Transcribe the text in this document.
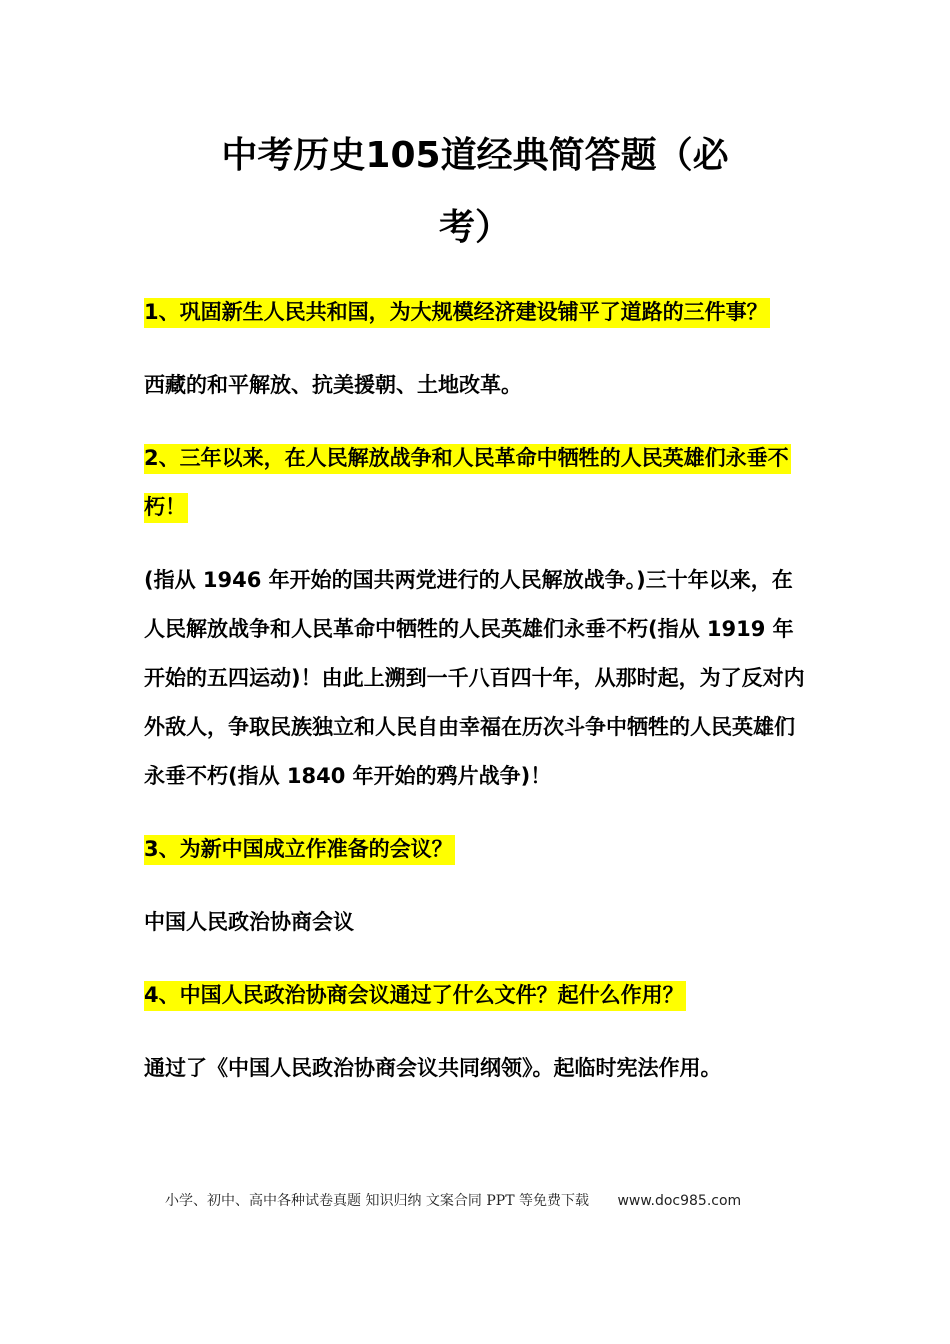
中考历史105道经典简答题（必
考）

1、巩固新生人民共和国，为大规模经济建设铺平了道路的三件事？

西藏的和平解放、抗美援朝、土地改革。

2、三年以来，在人民解放战争和人民革命中牺牲的人民英雄们永垂不朽！

(指从 1946 年开始的国共两党进行的人民解放战争。)三十年以来，在人民解放战争和人民革命中牺牲的人民英雄们永垂不朽(指从 1919 年开始的五四运动)！由此上溯到一千八百四十年，从那时起，为了反对内外敌人，争取民族独立和人民自由幸福在历次斗争中牺牲的人民英雄们永垂不朽(指从 1840 年开始的鸦片战争)！

3、为新中国成立作准备的会议？

中国人民政治协商会议

4、中国人民政治协商会议通过了什么文件？起什么作用？

通过了《中国人民政治协商会议共同纲领》。起临时宪法作用。

小学、初中、高中各种试卷真题 知识归纳 文案合同 PPT 等免费下载 www.doc985.com
